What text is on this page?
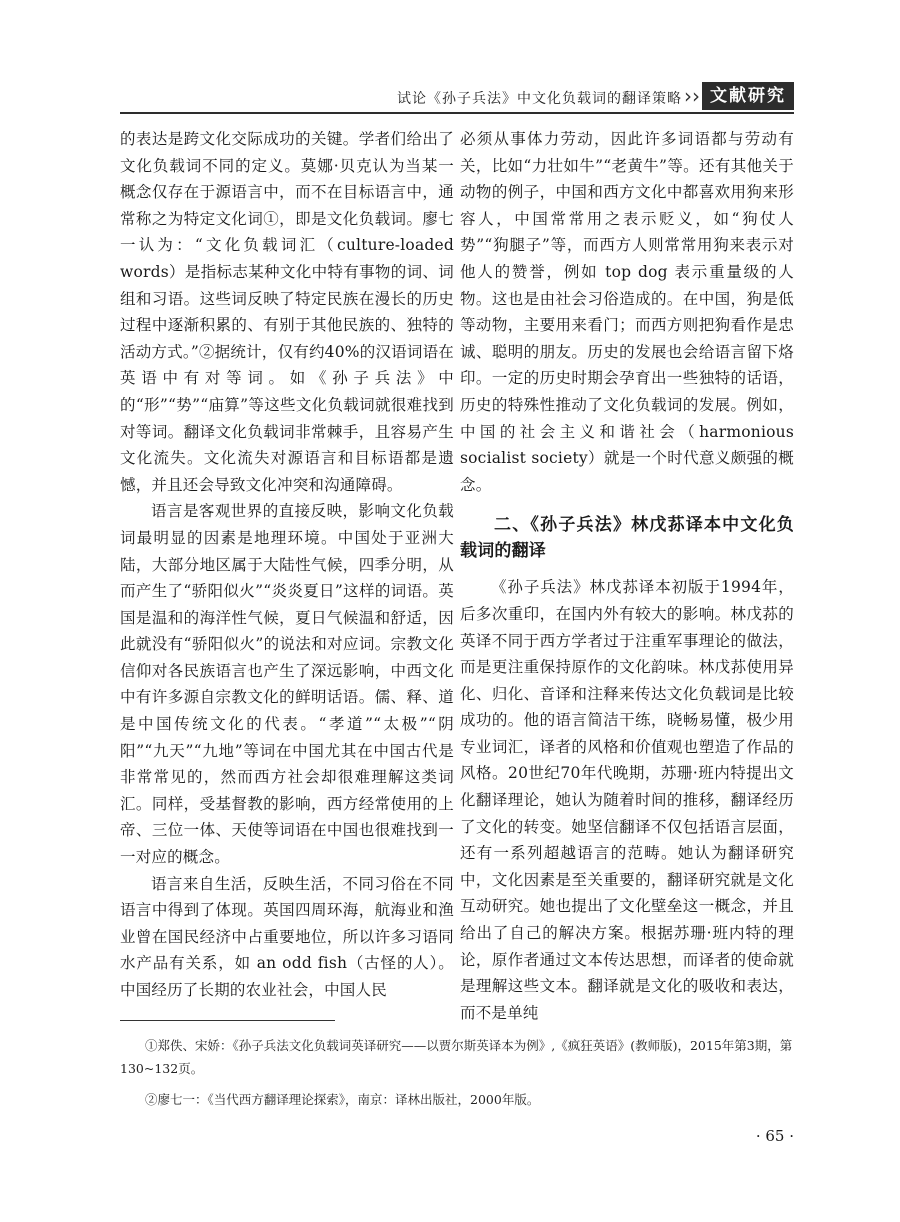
试论《孙子兵法》中文化负载词的翻译策略 ›› 文献研究

的表达是跨文化交际成功的关键。学者们给出了文化负载词不同的定义。莫娜·贝克认为当某一概念仅存在于源语言中，而不在目标语言中，通常称之为特定文化词①，即是文化负载词。廖七一认为：“文化负载词汇（culture-loaded words）是指标志某种文化中特有事物的词、词组和习语。这些词反映了特定民族在漫长的历史过程中逐渐积累的、有别于其他民族的、独特的活动方式。”②据统计，仅有约40%的汉语词语在英语中有对等词。如《孙子兵法》中的“形”“势”“庙算”等这些文化负载词就很难找到对等词。翻译文化负载词非常棘手，且容易产生文化流失。文化流失对源语言和目标语都是遗憾，并且还会导致文化冲突和沟通障碍。

语言是客观世界的直接反映，影响文化负载词最明显的因素是地理环境。中国处于亚洲大陆，大部分地区属于大陆性气候，四季分明，从而产生了“骄阳似火”“炎炎夏日”这样的词语。英国是温和的海洋性气候，夏日气候温和舒适，因此就没有“骄阳似火”的说法和对应词。宗教文化信仰对各民族语言也产生了深远影响，中西文化中有许多源自宗教文化的鲜明话语。儒、释、道是中国传统文化的代表。“孝道”“太极”“阴阳”“九天”“九地”等词在中国尤其在中国古代是非常常见的，然而西方社会却很难理解这类词汇。同样，受基督教的影响，西方经常使用的上帝、三位一体、天使等词语在中国也很难找到一一对应的概念。

语言来自生活，反映生活，不同习俗在不同语言中得到了体现。英国四周环海，航海业和渔业曾在国民经济中占重要地位，所以许多习语同水产品有关系，如 an odd fish（古怪的人）。中国经历了长期的农业社会，中国人民

必须从事体力劳动，因此许多词语都与劳动有关，比如“力壮如牛”“老黄牛”等。还有其他关于动物的例子，中国和西方文化中都喜欢用狗来形容人，中国常常用之表示贬义，如“狗仗人势”“狗腿子”等，而西方人则常常用狗来表示对他人的赞誉，例如 top dog 表示重量级的人物。这也是由社会习俗造成的。在中国，狗是低等动物，主要用来看门；而西方则把狗看作是忠诚、聪明的朋友。历史的发展也会给语言留下烙印。一定的历史时期会孕育出一些独特的话语，历史的特殊性推动了文化负载词的发展。例如，中国的社会主义和谐社会（harmonious socialist society）就是一个时代意义颇强的概念。

二、《孙子兵法》林戊荪译本中文化负载词的翻译

《孙子兵法》林戊荪译本初版于1994年，后多次重印，在国内外有较大的影响。林戊荪的英译不同于西方学者过于注重军事理论的做法，而是更注重保持原作的文化韵味。林戊荪使用异化、归化、音译和注释来传达文化负载词是比较成功的。他的语言简洁干练，晓畅易懂，极少用专业词汇，译者的风格和价值观也塑造了作品的风格。20世纪70年代晚期，苏珊·班内特提出文化翻译理论，她认为随着时间的推移，翻译经历了文化的转变。她坚信翻译不仅包括语言层面，还有一系列超越语言的范畴。她认为翻译研究中，文化因素是至关重要的，翻译研究就是文化互动研究。她也提出了文化壁垒这一概念，并且给出了自己的解决方案。根据苏珊·班内特的理论，原作者通过文本传达思想，而译者的使命就是理解这些文本。翻译就是文化的吸收和表达，而不是单纯

①郑佚、宋娇：《孙子兵法文化负载词英译研究——以贾尔斯英译本为例》,《疯狂英语》(教师版)，2015年第3期，第130~132页。

②廖七一：《当代西方翻译理论探索》，南京：译林出版社，2000年版。

· 65 ·
